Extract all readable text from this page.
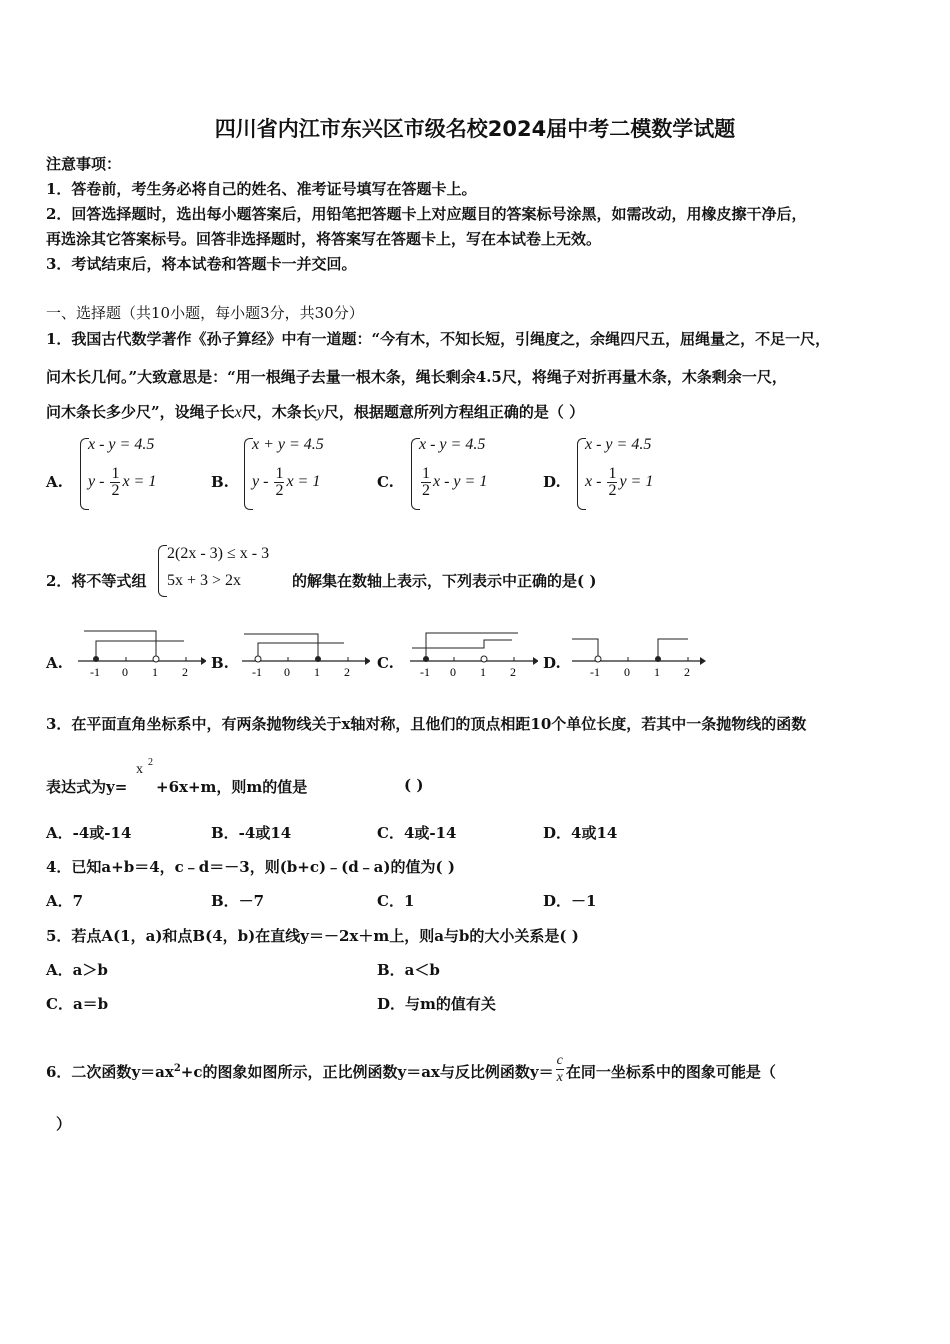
四川省内江市东兴区市级名校2024届中考二模数学试题
注意事项：
1．答卷前，考生务必将自己的姓名、准考证号填写在答题卡上。
2．回答选择题时，选出每小题答案后，用铅笔把答题卡上对应题目的答案标号涂黑，如需改动，用橡皮擦干净后，
再选涂其它答案标号。回答非选择题时，将答案写在答题卡上，写在本试卷上无效。
3．考试结束后，将本试卷和答题卡一并交回。
一、选择题（共10小题，每小题3分，共30分）
1．我国古代数学著作《孙子算经》中有一道题：“今有木，不知长短，引绳度之，余绳四尺五，屈绳量之，不足一尺，
问木长几何。”大致意思是：“用一根绳子去量一根木条，绳长剩余4.5尺，将绳子对折再量木条，木条剩余一尺，
问木条长多少尺”，设绳子长x尺，木条长y尺，根据题意所列方程组正确的是（ ）
A.
x - y = 4.5
y - $\frac{1}{2}$ x = 1	B.
x + y = 4.5
y - $\frac{1}{2}$ x = 1	C.
x - y = 4.5
$\frac{1}{2}$ x - y = 1	D.
x - y = 4.5
x - $\frac{1}{2}$ y = 1
2．将不等式组
2(2x - 3) ≤ x - 3
5x + 3 > 2x	的解集在数轴上表示，下列表示中正确的是( )
A. -1 0 1 2 B. -1 0 1 2 C. -1 0 1 2 D. -1 0 1 2
3．在平面直角坐标系中，有两条抛物线关于x轴对称，且他们的顶点相距10个单位长度，若其中一条抛物线的函数
表达式为y=
x 2
+6x+m，则m的值是	( )
A．-4或-14	B．-4或14	C．4或-14	D．4或14
4．已知a+b＝4，c﹣d＝－3，则(b+c)﹣(d﹣a)的值为( )
A．7	B．－7	C．1	D．－1
5．若点A(1，a)和点B(4，b)在直线y＝－2x＋m上，则a与b的大小关系是( )
A．a＞b	B．a＜b
C．a＝b	D．与m的值有关
6．二次函数$y=ax^2+c$的图象如图所示，正比例函数y＝ax与反比例函数$y= \frac{c}{x}$ 在同一坐标系中的图象可能是（
）
